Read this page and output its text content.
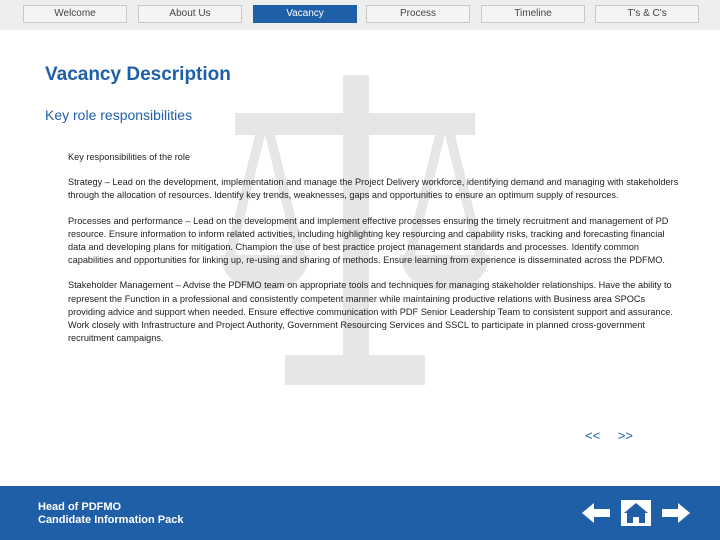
Welcome	About Us	Vacancy	Process	Timeline	T's & C's
Vacancy Description
Key role responsibilities

Key responsibilities of the role

Strategy – Lead on the development, implementation and manage the Project Delivery workforce, identifying demand and managing with stakeholders through the allocation of resources. Identify key trends, weaknesses, gaps and opportunities to ensure an optimum supply of resources.

Processes and performance – Lead on the development and implement effective processes ensuring the timely recruitment and management of PD resource. Ensure information to inform related activities, including highlighting key resourcing and capability risks, tracking and forecasting financial data and developing plans for mitigation. Champion the use of best practice project management standards and processes. Identify common capabilities and opportunities for linking up, re-using and sharing of methods. Ensure learning from experience is disseminated across the PDFMO.

Stakeholder Management – Advise the PDFMO team on appropriate tools and techniques for managing stakeholder relationships. Have the ability to represent the Function in a professional and consistently competent manner while maintaining productive relations with Business area SPOCs providing advice and support when needed. Ensure effective communication with PDF Senior Leadership Team to consistent support and assurance. Work closely with Infrastructure and Project Authority, Government Resourcing Services and SSCL to participate in planned cross-government recruitment campaigns.

<< >>
Head of PDFMO
Candidate Information Pack
